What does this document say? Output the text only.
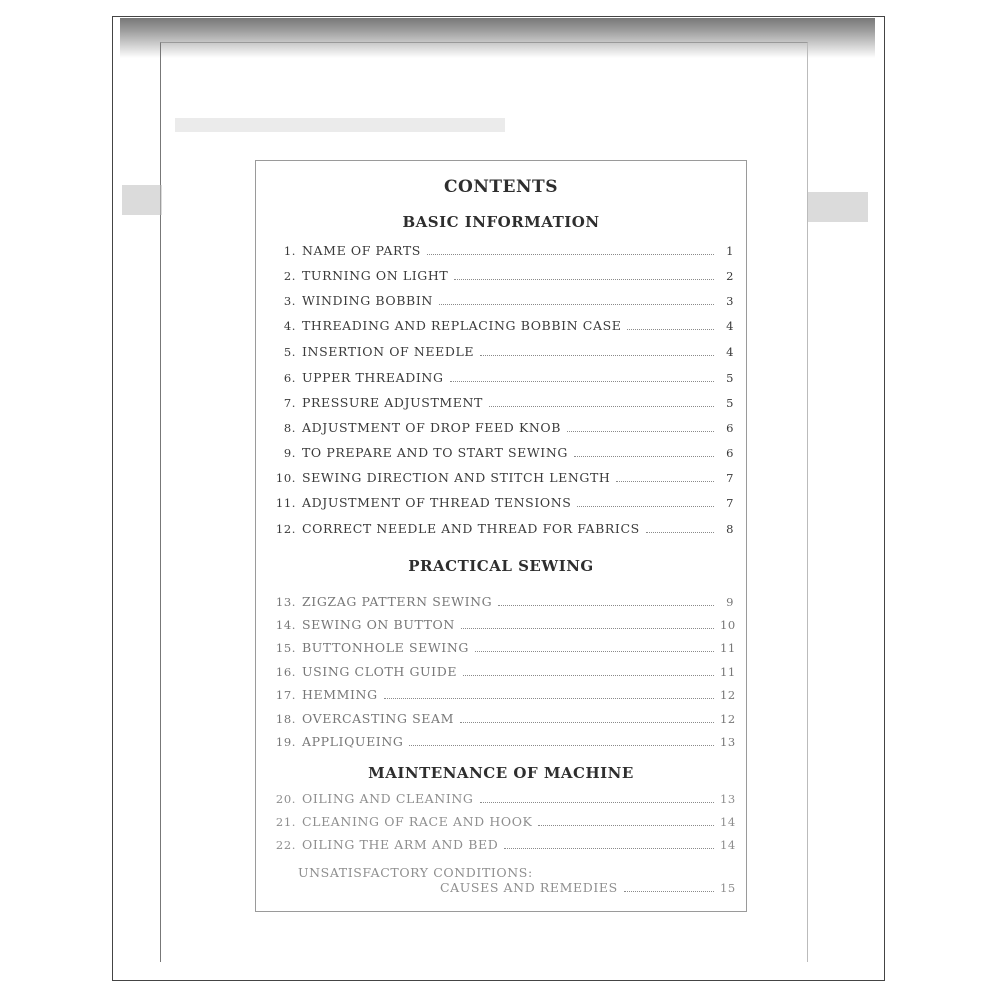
CONTENTS
BASIC INFORMATION
1. NAME OF PARTS	1
2. TURNING ON LIGHT	2
3. WINDING BOBBIN	3
4. THREADING AND REPLACING BOBBIN CASE	4
5. INSERTION OF NEEDLE	4
6. UPPER THREADING	5
7. PRESSURE ADJUSTMENT	5
8. ADJUSTMENT OF DROP FEED KNOB	6
9. TO PREPARE AND TO START SEWING	6
10. SEWING DIRECTION AND STITCH LENGTH	7
11. ADJUSTMENT OF THREAD TENSIONS	7
12. CORRECT NEEDLE AND THREAD FOR FABRICS	8
13. ZIGZAG PATTERN SEWING	9
14. SEWING ON BUTTON	10
15. BUTTONHOLE SEWING	11
16. USING CLOTH GUIDE	11
17. HEMMING	12
18. OVERCASTING SEAM	12
19. APPLIQUEING	13
20. OILING AND CLEANING	13
21. CLEANING OF RACE AND HOOK	14
22. OILING THE ARM AND BED	14
PRACTICAL SEWING
MAINTENANCE OF MACHINE
UNSATISFACTORY CONDITIONS:
CAUSES AND REMEDIES	15
